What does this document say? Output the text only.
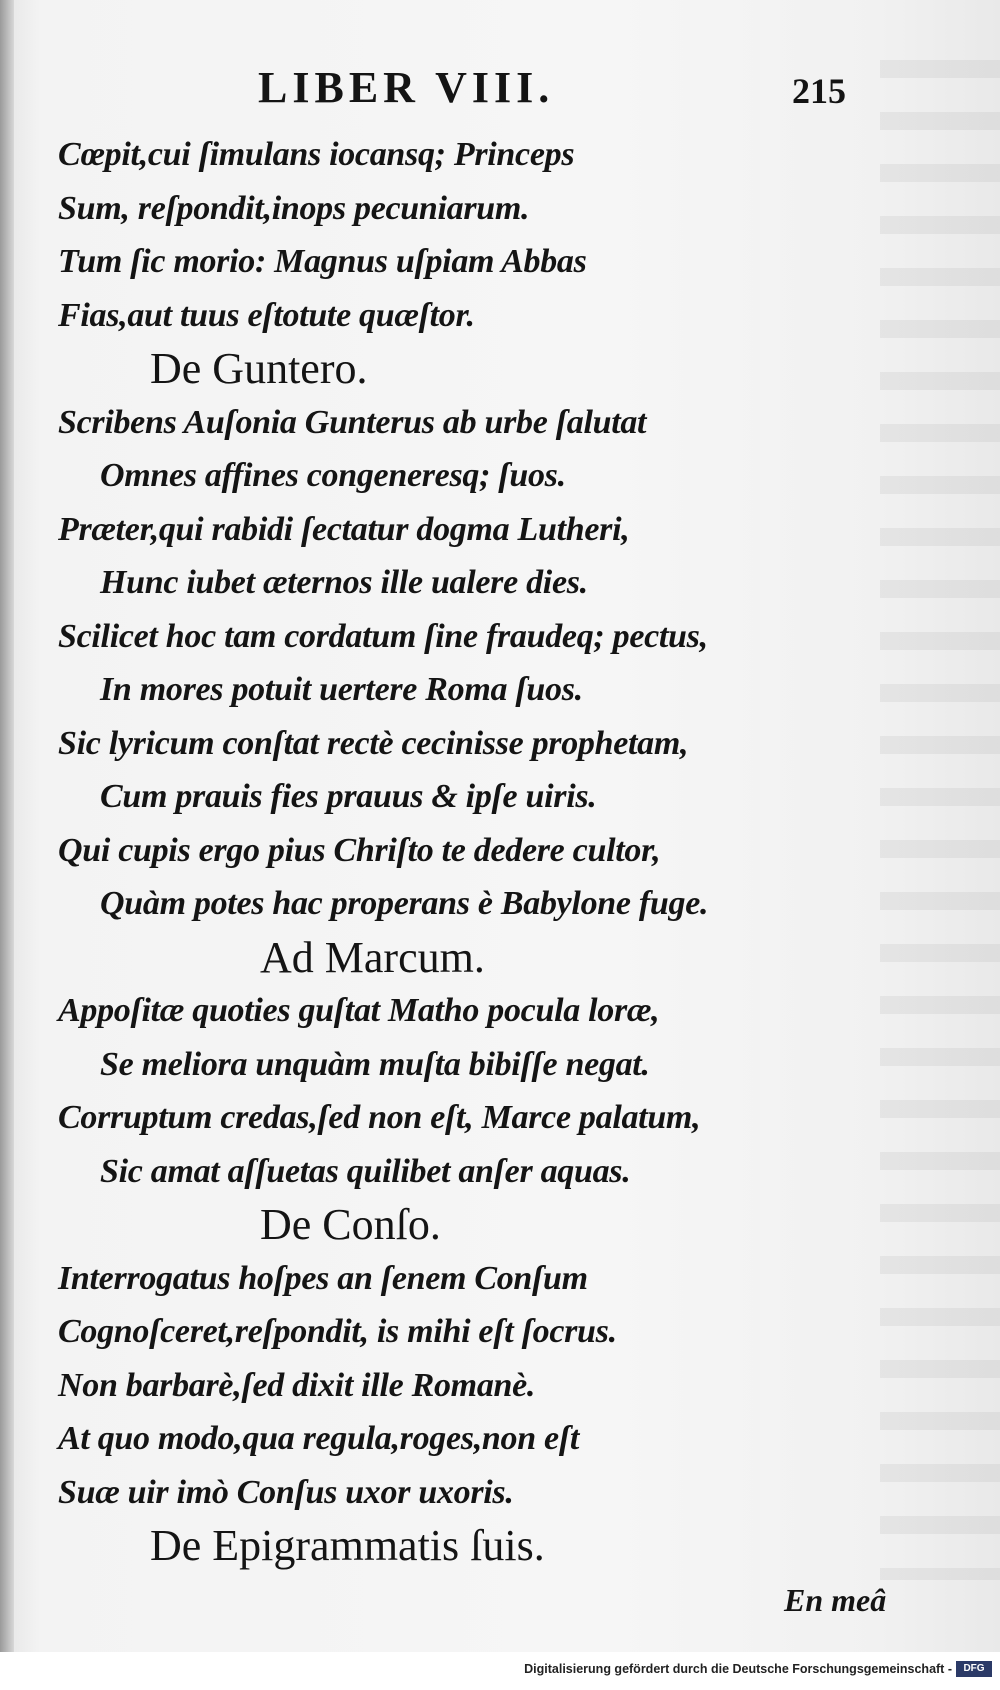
LIBER VIII.	215
Cœpit,cui ſimulans iocansq; Princeps
Sum, reſpondit,inops pecuniarum.
Tum ſic morio: Magnus uſpiam Abbas
Fias,aut tuus eſtotute quæſtor.
De Guntero.
Scribens Auſonia Gunterus ab urbe ſalutat
Omnes affines congeneresq; ſuos.
Præter,qui rabidi ſectatur dogma Lutheri,
Hunc iubet æternos ille ualere dies.
Scilicet hoc tam cordatum ſine fraudeq; pectus,
In mores potuit uertere Roma ſuos.
Sic lyricum conſtat rectè cecinisse prophetam,
Cum prauis fies prauus & ipſe uiris.
Qui cupis ergo pius Chriſto te dedere cultor,
Quàm potes hac properans è Babylone fuge.
Ad Marcum.
Appoſitæ quoties guſtat Matho pocula loræ,
Se meliora unquàm muſta bibiſſe negat.
Corruptum credas,ſed non eſt, Marce palatum,
Sic amat aſſuetas quilibet anſer aquas.
De Conſo.
Interrogatus hoſpes an ſenem Conſum
Cognoſceret,reſpondit, is mihi eſt ſocrus.
Non barbarè,ſed dixit ille Romanè.
At quo modo,qua regula,roges,non eſt
Suæ uir imò Conſus uxor uxoris.
De Epigrammatis ſuis.
En meâ
Digitalisierung gefördert durch die Deutsche Forschungsgemeinschaft -	DFG
